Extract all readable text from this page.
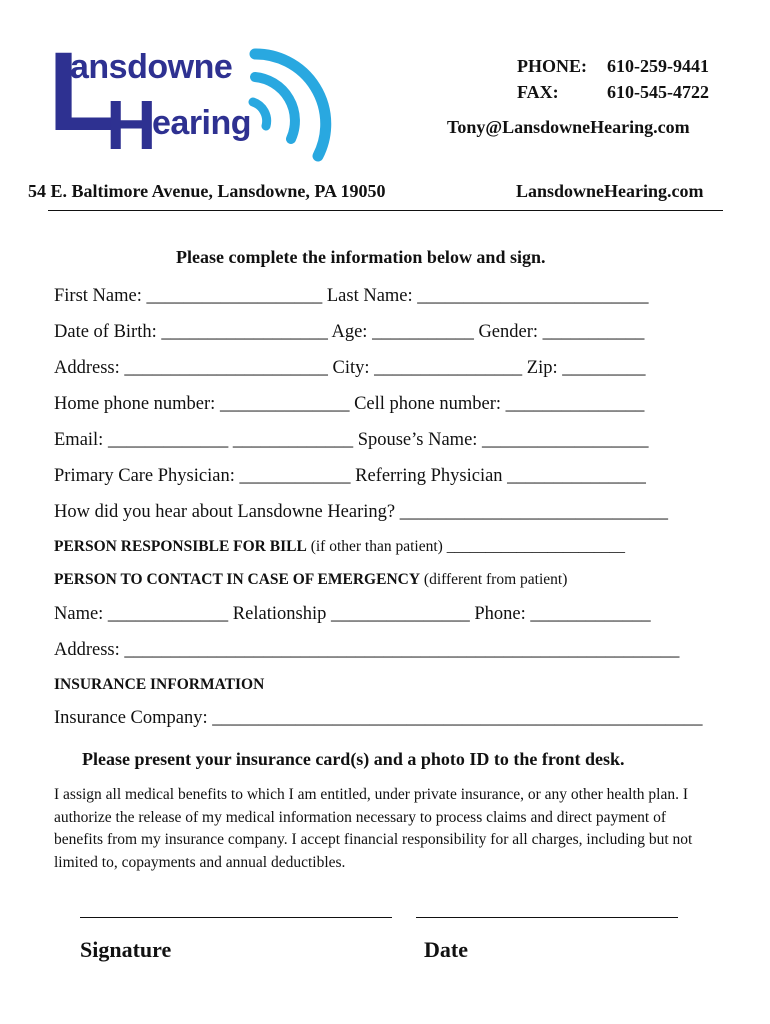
L
ansdowne
H
earing
PHONE: 610-259-9441
FAX:	610-545-4722
Tony@LansdowneHearing.com
54 E. Baltimore Avenue, Lansdowne, PA 19050	LansdowneHearing.com
Please complete the information below and sign.
First Name: ___________________ Last Name: _________________________
Date of Birth: __________________ Age: ___________ Gender: ___________
Address: ______________________ City: ________________ Zip: _________
Home phone number: ______________ Cell phone number: _______________
Email: _____________ _____________ Spouse’s Name: __________________
Primary Care Physician: ____________ Referring Physician _______________
How did you hear about Lansdowne Hearing? _____________________________
PERSON RESPONSIBLE FOR BILL (if other than patient) _______________________
PERSON TO CONTACT IN CASE OF EMERGENCY (different from patient)
Name: _____________ Relationship _______________ Phone: _____________
Address: ____________________________________________________________
INSURANCE INFORMATION
Insurance Company: _____________________________________________________
Please present your insurance card(s) and a photo ID to the front desk.
I assign all medical benefits to which I am entitled, under private insurance, or any other health plan. I authorize the release of my medical information necessary to process claims and direct payment of benefits from my insurance company. I accept financial responsibility for all charges, including but not limited to, copayments and annual deductibles.
Signature	Date
